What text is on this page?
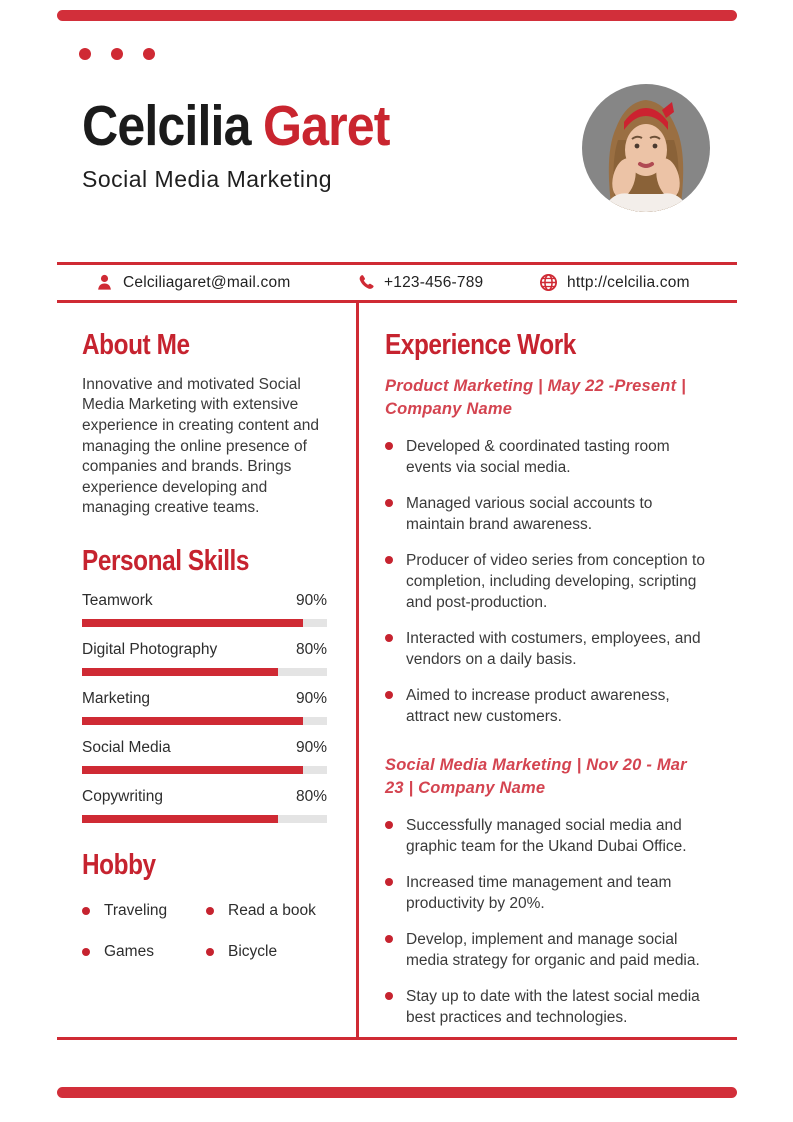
Celcilia Garet
Social Media Marketing
Celciliagaret@mail.com	+123-456-789	http://celcilia.com
About Me

Innovative and motivated Social Media Marketing with extensive experience in creating content and managing the online presence of companies and brands. Brings experience developing and managing creative teams.

Personal Skills
Teamwork	90%
Digital Photography	80%
Marketing	90%
Social Media	90%
Copywriting	80%
Hobby
Traveling	Read a book
Games	Bicycle
Experience Work
Product Marketing | May 22 -Present | Company Name

Developed & coordinated tasting room events via social media.

Managed various social accounts to maintain brand awareness.

Producer of video series from conception to completion, including developing, scripting and post-production.

Interacted with costumers, employees, and vendors on a daily basis.

Aimed to increase product awareness, attract new customers.

Social Media Marketing | Nov 20 - Mar 23 | Company Name

Successfully managed social media and graphic team for the Ukand Dubai Office.

Increased time management and team productivity by 20%.

Develop, implement and manage social media strategy for organic and paid media.

Stay up to date with the latest social media best practices and technologies.
